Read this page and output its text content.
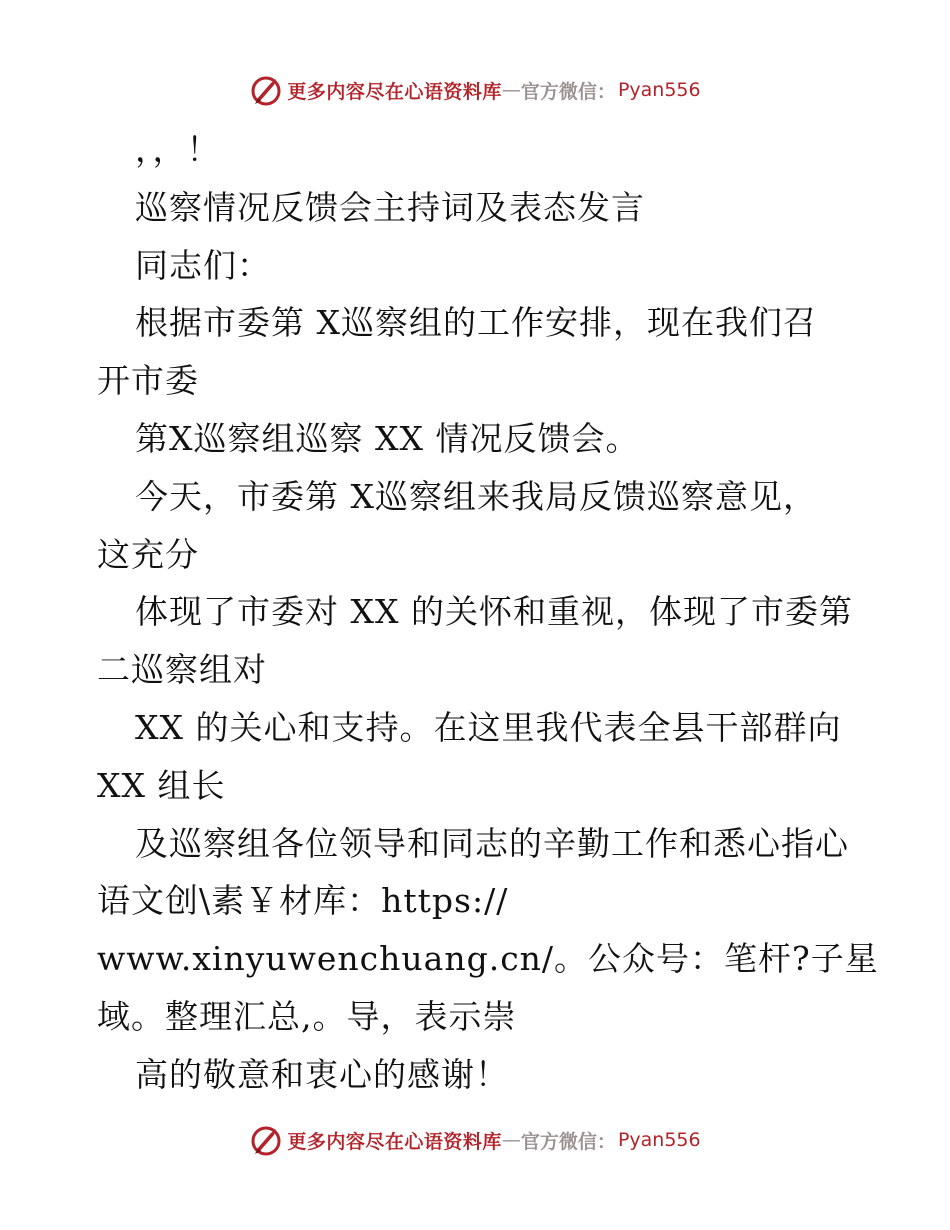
更多内容尽在心语资料库 — 官方微信： Pyan556
，，！
巡察情况反馈会主持词及表态发言
同志们：
根据市委第 X巡察组的工作安排，现在我们召
开市委
第X巡察组巡察 XX 情况反馈会。
今天，市委第 X巡察组来我局反馈巡察意见，
这充分
体现了市委对 XX 的关怀和重视，体现了市委第
二巡察组对
XX 的关心和支持。在这里我代表全县干部群向
XX 组长
及巡察组各位领导和同志的辛勤工作和悉心指心
语文创\素￥材库：https://
www.xinyuwenchuang.cn/。公众号：笔杆?子星
域。整理汇总,。导，表示崇
高的敬意和衷心的感谢！
更多内容尽在心语资料库 — 官方微信： Pyan556
